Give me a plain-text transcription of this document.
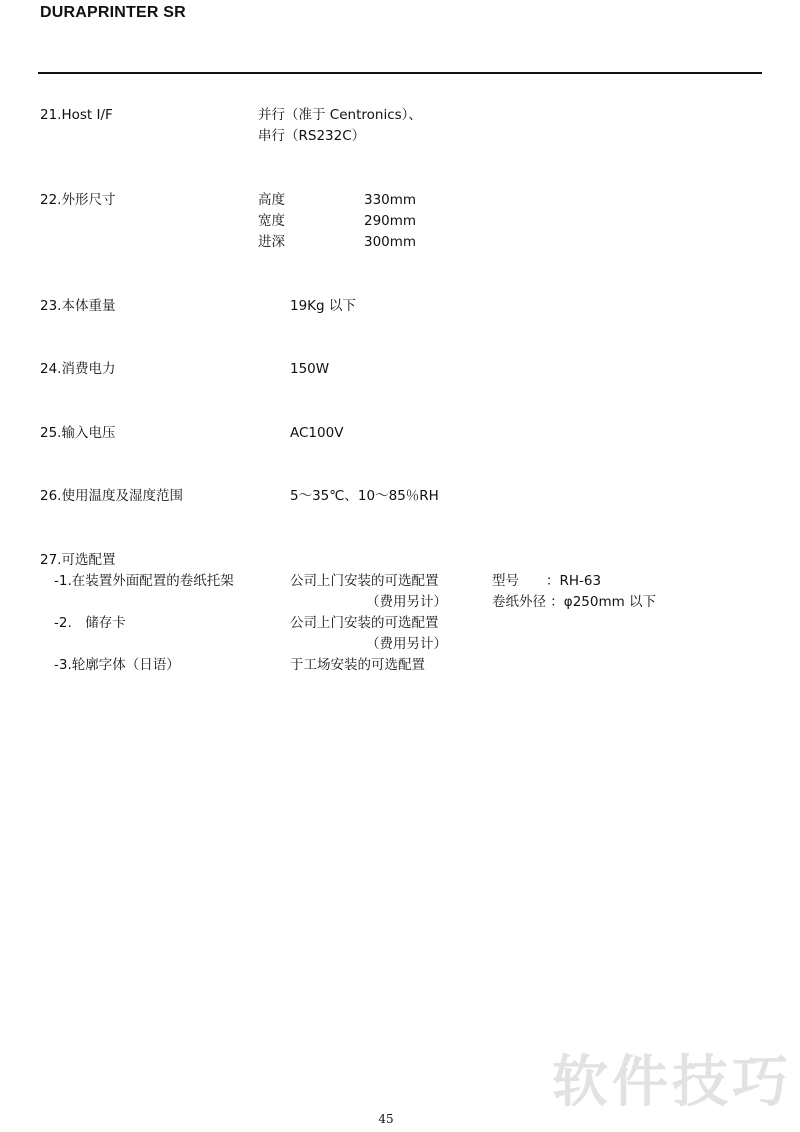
DURAPRINTER SR
21.Host I/F	并行（准于 Centronics）、
串行（RS232C）
22.外形尺寸	高度	330mm
宽度	290mm
进深	300mm
23.本体重量	19Kg 以下
24.消费电力	150W
25.输入电压	AC100V
26.使用温度及湿度范围	5～35℃、10～85％RH
27.可选配置
-1.在装置外面配置的卷纸托架	公司上门安装的可选配置	型号　　：RH-63
（费用另计）	卷纸外径 ：φ250mm 以下
-2.　储存卡	公司上门安装的可选配置
（费用另计）
-3.轮廓字体（日语）	于工场安装的可选配置
软件技巧
45
